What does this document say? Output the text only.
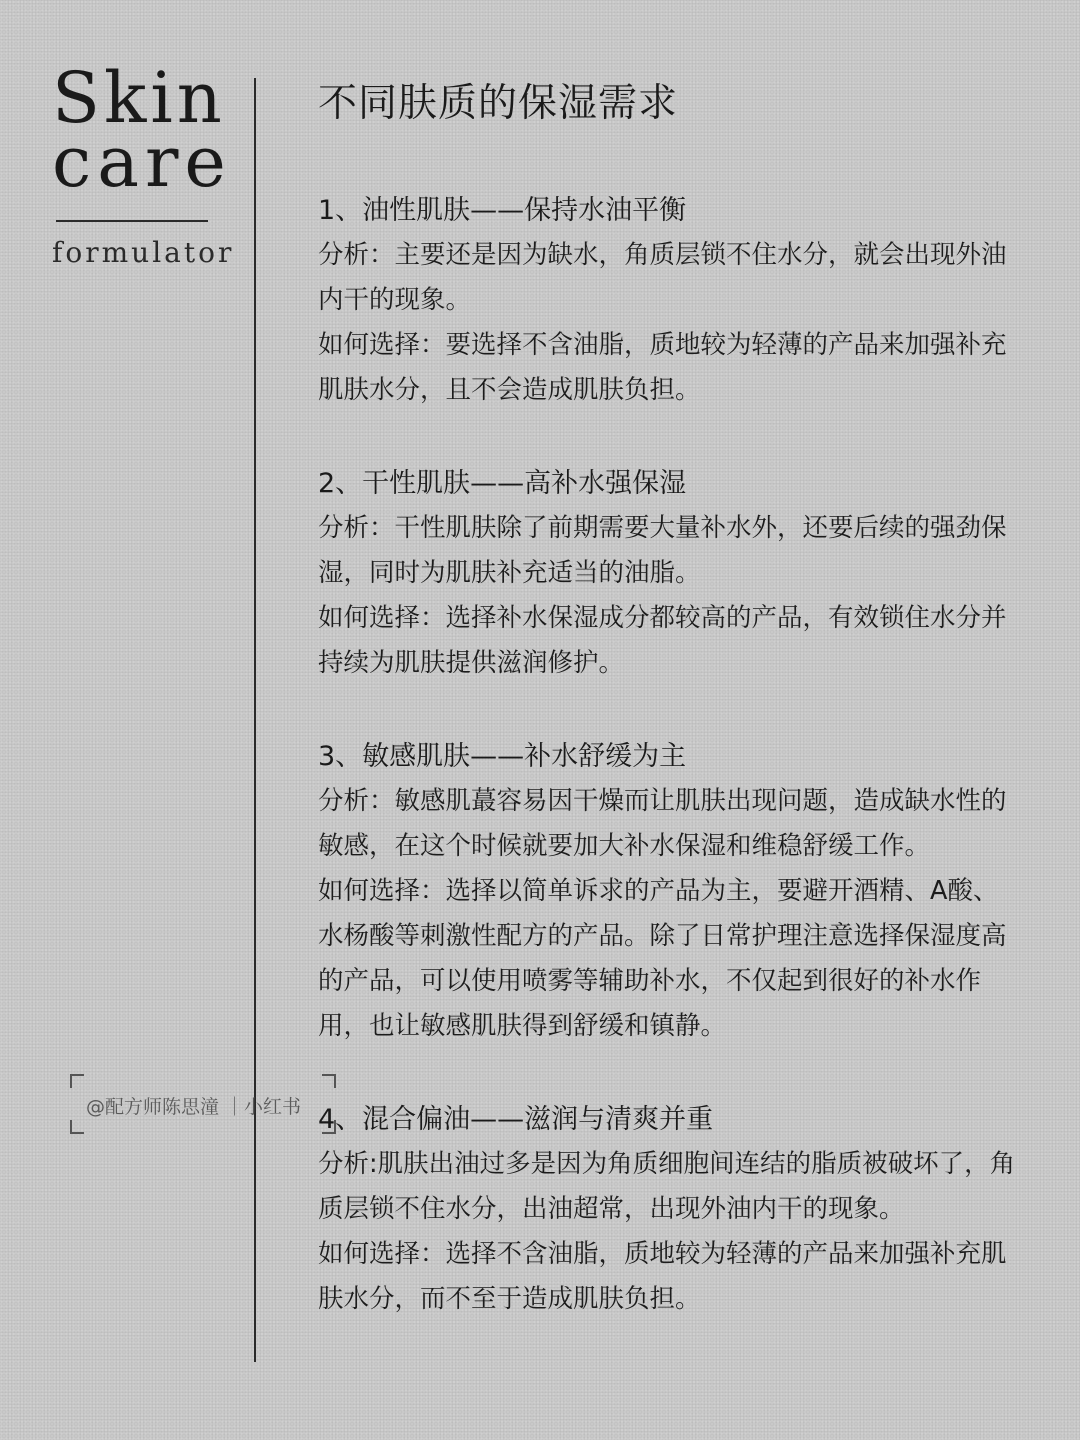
Skin
care
formulator
@配方师陈思潼 ｜小红书
不同肤质的保湿需求

1、油性肌肤——保持水油平衡

分析：主要还是因为缺水，角质层锁不住水分，就会出现外油内干的现象。

如何选择：要选择不含油脂，质地较为轻薄的产品来加强补充肌肤水分，且不会造成肌肤负担。

2、干性肌肤——高补水强保湿

分析：干性肌肤除了前期需要大量补水外，还要后续的强劲保湿，同时为肌肤补充适当的油脂。

如何选择：选择补水保湿成分都较高的产品，有效锁住水分并持续为肌肤提供滋润修护。

3、敏感肌肤——补水舒缓为主

分析：敏感肌蕞容易因干燥而让肌肤出现问题，造成缺水性的敏感，在这个时候就要加大补水保湿和维稳舒缓工作。

如何选择：选择以简单诉求的产品为主，要避开酒精、A酸、水杨酸等刺激性配方的产品。除了日常护理注意选择保湿度高的产品，可以使用喷雾等辅助补水，不仅起到很好的补水作用，也让敏感肌肤得到舒缓和镇静。

4、混合偏油——滋润与清爽并重

分析:肌肤出油过多是因为角质细胞间连结的脂质被破坏了，角质层锁不住水分，出油超常，出现外油内干的现象。

如何选择：选择不含油脂，质地较为轻薄的产品来加强补充肌肤水分，而不至于造成肌肤负担。
